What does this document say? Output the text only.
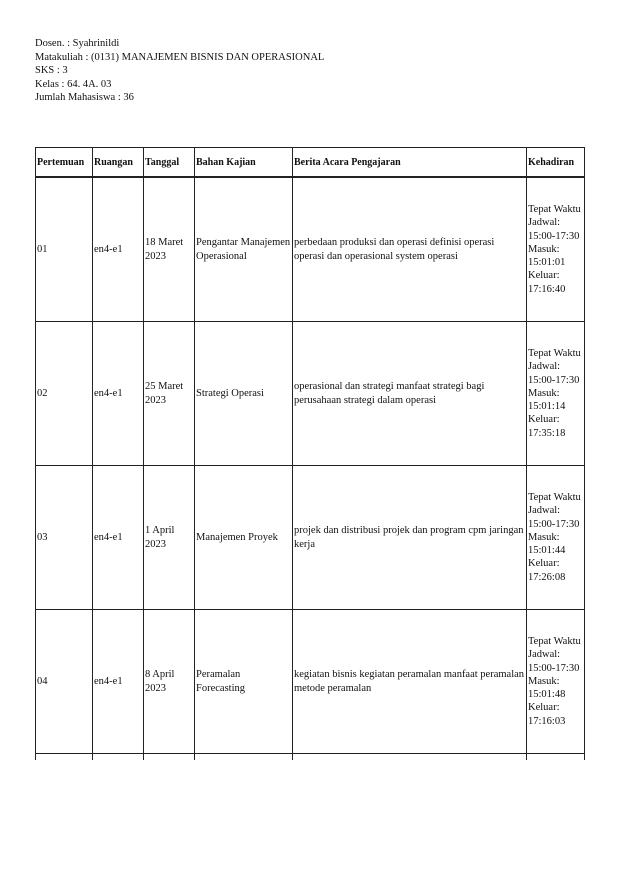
Dosen. : Syahrinildi
Matakuliah : (0131) MANAJEMEN BISNIS DAN OPERASIONAL
SKS : 3
Kelas : 64. 4A. 03
Jumlah Mahasiswa : 36
Pertemuan	Ruangan	Tanggal	Bahan Kajian	Berita Acara Pengajaran	Kehadiran
01	en4-e1	18 Maret 2023	Pengantar Manajemen Operasional	perbedaan produksi dan operasi definisi operasi operasi dan operasional system operasi	Tepat Waktu
Jadwal: 15:00-17:30
Masuk: 15:01:01
Keluar: 17:16:40

02	en4-e1	25 Maret 2023	Strategi Operasi	operasional dan strategi manfaat strategi bagi perusahaan strategi dalam operasi	Tepat Waktu
Jadwal: 15:00-17:30
Masuk: 15:01:14
Keluar: 17:35:18

03	en4-e1	1 April 2023	Manajemen Proyek	projek dan distribusi projek dan program cpm jaringan kerja	Tepat Waktu
Jadwal: 15:00-17:30
Masuk: 15:01:44
Keluar: 17:26:08

04	en4-e1	8 April 2023	Peramalan Forecasting	kegiatan bisnis kegiatan peramalan manfaat peramalan metode peramalan	Tepat Waktu
Jadwal: 15:00-17:30
Masuk: 15:01:48
Keluar: 17:16:03
